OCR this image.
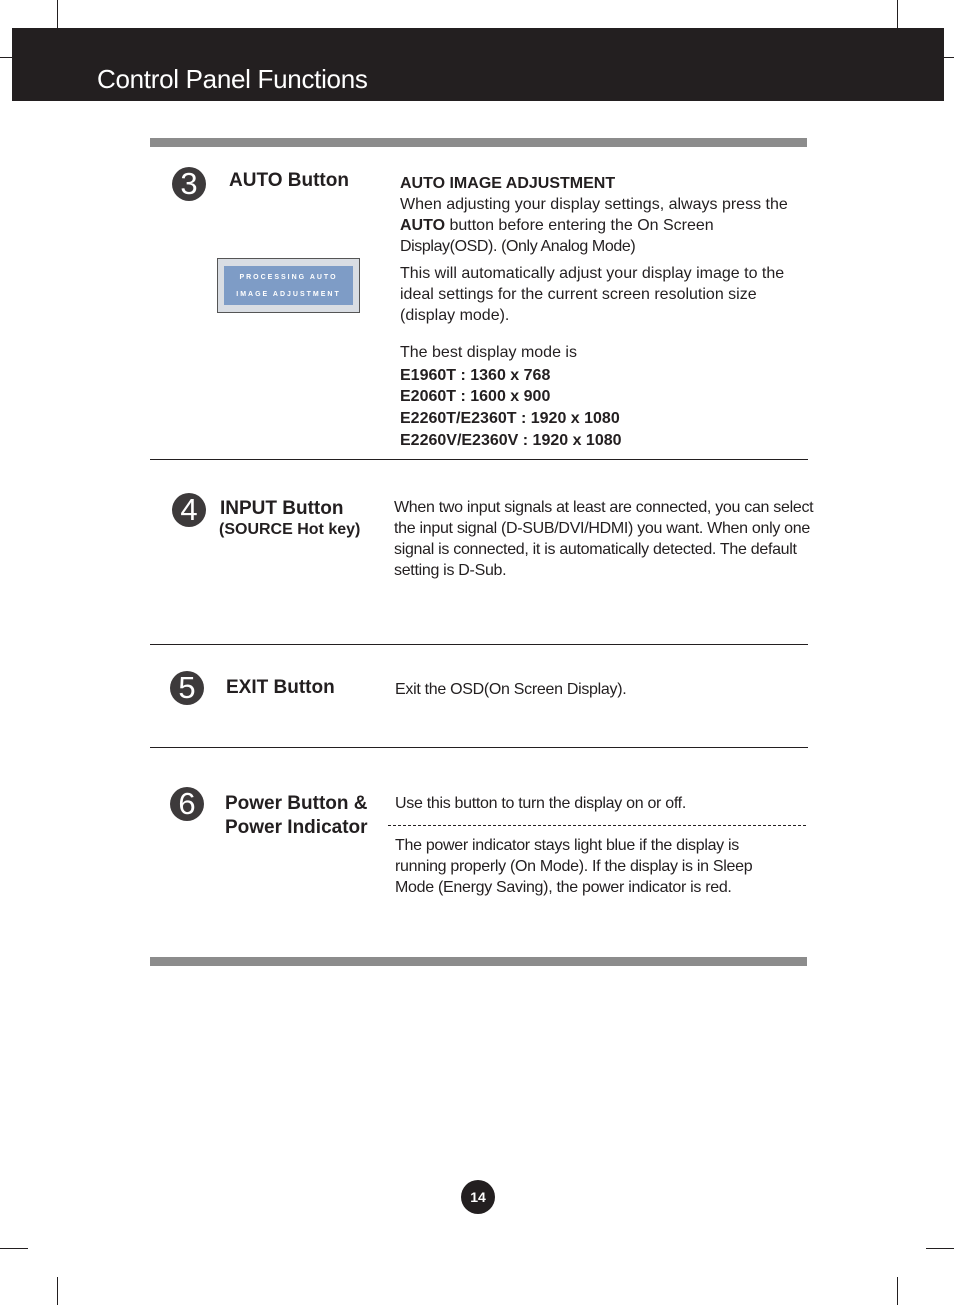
Control Panel Functions
3	AUTO Button
PROCESSING AUTO
IMAGE ADJUSTMENT
AUTO IMAGE ADJUSTMENT
When adjusting your display settings, always press the AUTO button before entering the On Screen Display(OSD). (Only Analog Mode)
This will automatically adjust your display image to the ideal settings for the current screen resolution size (display mode).
The best display mode is
E1960T : 1360 x 768
E2060T : 1600 x 900
E2260T/E2360T : 1920 x 1080
E2260V/E2360V : 1920 x 1080
4	INPUT Button
(SOURCE Hot key)
When two input signals at least are connected, you can select the input signal (D-SUB/DVI/HDMI) you want. When only one signal is connected, it is automatically detected. The default setting is D-Sub.
5	EXIT Button	Exit the OSD(On Screen Display).
6	Power Button &
Power Indicator
Use this button to turn the display on or off.
The power indicator stays light blue if the display is running properly (On Mode). If the display is in Sleep Mode (Energy Saving), the power indicator is red.
14
